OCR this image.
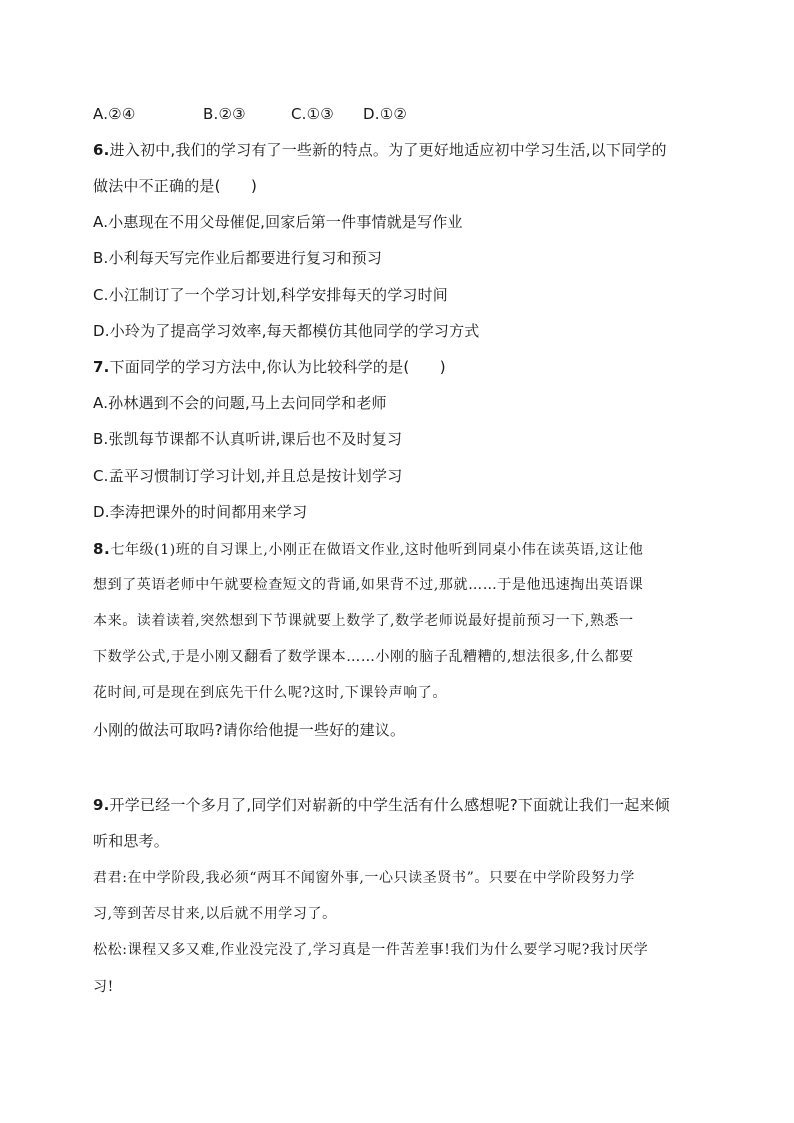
A.②④	B.②③	C.①③ D.①②
6.进入初中,我们的学习有了一些新的特点。为了更好地适应初中学习生活,以下同学的
做法中不正确的是(　　)
A.小惠现在不用父母催促,回家后第一件事情就是写作业
B.小利每天写完作业后都要进行复习和预习
C.小江制订了一个学习计划,科学安排每天的学习时间
D.小玲为了提高学习效率,每天都模仿其他同学的学习方式
7.下面同学的学习方法中,你认为比较科学的是(　　)
A.孙林遇到不会的问题,马上去问同学和老师
B.张凯每节课都不认真听讲,课后也不及时复习
C.孟平习惯制订学习计划,并且总是按计划学习
D.李涛把课外的时间都用来学习
8.七年级(1)班的自习课上,小刚正在做语文作业,这时他听到同桌小伟在读英语,这让他
想到了英语老师中午就要检查短文的背诵,如果背不过,那就……于是他迅速掏出英语课
本来。读着读着,突然想到下节课就要上数学了,数学老师说最好提前预习一下,熟悉一
下数学公式,于是小刚又翻看了数学课本……小刚的脑子乱糟糟的,想法很多,什么都要
花时间,可是现在到底先干什么呢?这时,下课铃声响了。
小刚的做法可取吗?请你给他提一些好的建议。
9.开学已经一个多月了,同学们对崭新的中学生活有什么感想呢?下面就让我们一起来倾
听和思考。
君君:在中学阶段,我必须“两耳不闻窗外事,一心只读圣贤书”。只要在中学阶段努力学
习,等到苦尽甘来,以后就不用学习了。
松松:课程又多又难,作业没完没了,学习真是一件苦差事!我们为什么要学习呢?我讨厌学
习!
